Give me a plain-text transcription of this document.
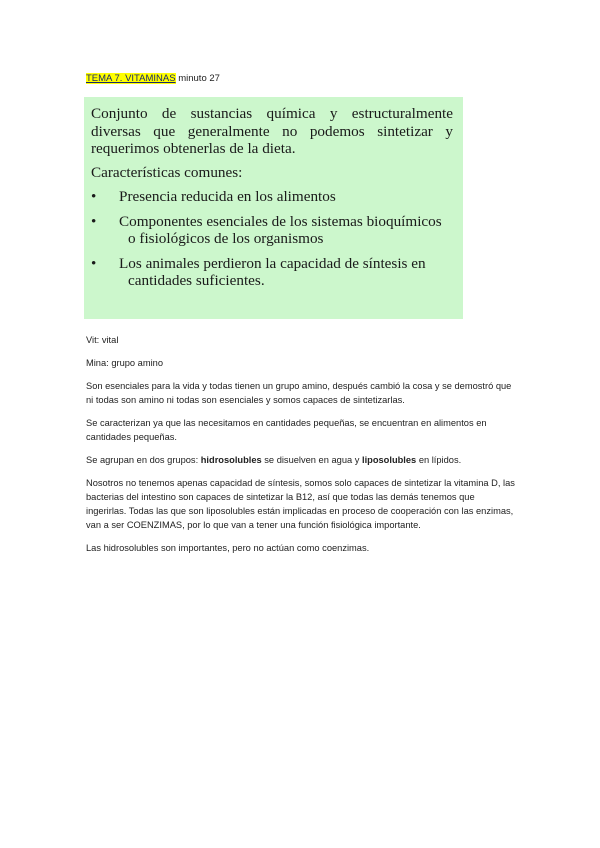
TEMA 7. VITAMINAS minuto 27

Conjunto de sustancias química y estructuralmente diversas que generalmente no podemos sintetizar y requerimos obtenerlas de la dieta.

Características comunes:

•	Presencia reducida en los alimentos
•	Componentes esenciales de los sistemas bioquímicos
o fisiológicos de los organismos
•	Los animales perdieron la capacidad de síntesis en
cantidades suficientes.

Vit: vital

Mina: grupo amino

Son esenciales para la vida y todas tienen un grupo amino, después cambió la cosa y se demostró que ni todas son amino ni todas son esenciales y somos capaces de sintetizarlas.

Se caracterizan ya que las necesitamos en cantidades pequeñas, se encuentran en alimentos en cantidades pequeñas.

Se agrupan en dos grupos: hidrosolubles se disuelven en agua y liposolubles en lípidos.

Nosotros no tenemos apenas capacidad de síntesis, somos solo capaces de sintetizar la vitamina D, las bacterias del intestino son capaces de sintetizar la B12, así que todas las demás tenemos que ingerirlas. Todas las que son liposolubles están implicadas en proceso de cooperación con las enzimas, van a ser COENZIMAS, por lo que van a tener una función fisiológica importante.

Las hidrosolubles son importantes, pero no actúan como coenzimas.
